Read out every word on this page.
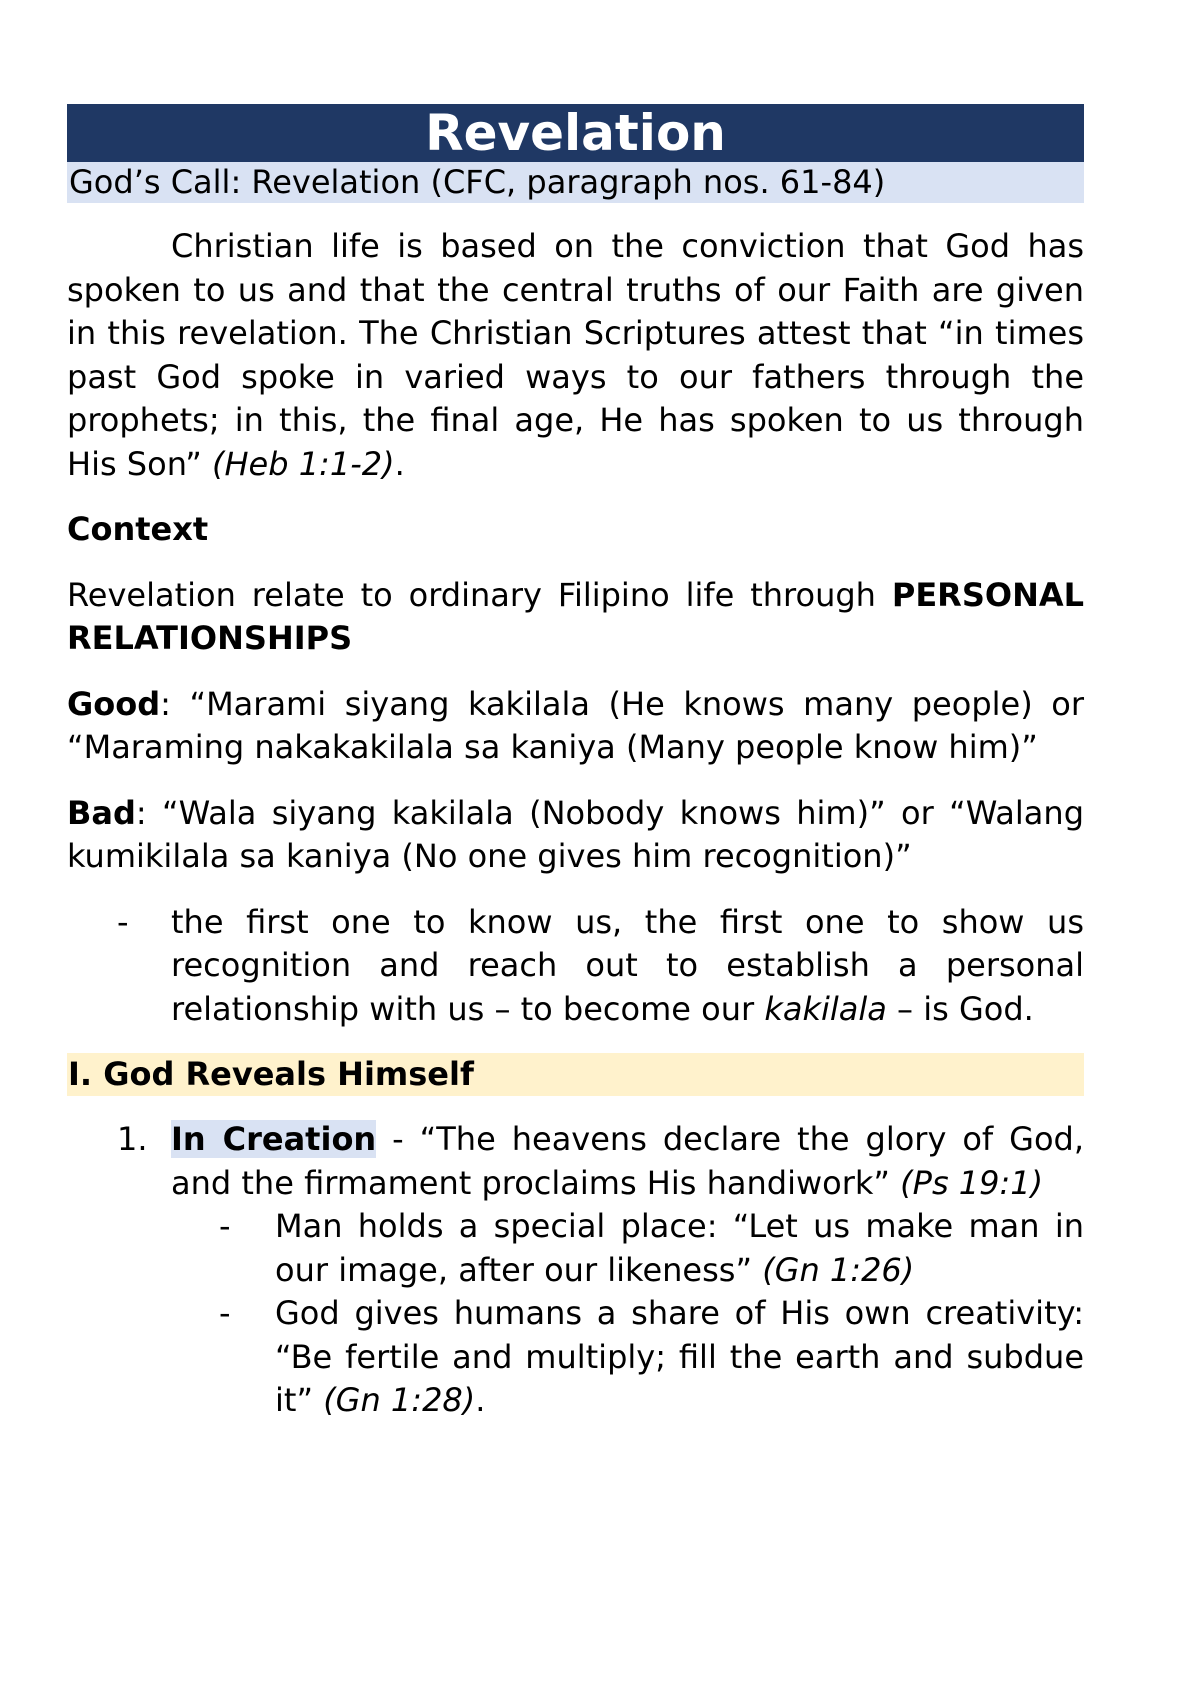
Revelation
God’s Call: Revelation (CFC, paragraph nos. 61-84)

Christian life is based on the conviction that God has spoken to us and that the central truths of our Faith are given in this revelation. The Christian Scriptures attest that “in times past God spoke in varied ways to our fathers through the prophets; in this, the final age, He has spoken to us through His Son” (Heb 1:1-2).

Context

Revelation relate to ordinary Filipino life through PERSONAL RELATIONSHIPS

Good: “Marami siyang kakilala (He knows many people) or “Maraming nakakakilala sa kaniya (Many people know him)”

Bad: “Wala siyang kakilala (Nobody knows him)” or “Walang kumikilala sa kaniya (No one gives him recognition)”

-	the first one to know us, the first one to show us recognition and reach out to establish a personal relationship with us – to become our kakilala – is God.
I. God Reveals Himself
1. In Creation - “The heavens declare the glory of God, and the firmament proclaims His handiwork” (Ps 19:1)
-	Man holds a special place: “Let us make man in our image, after our likeness” (Gn 1:26)
-	God gives humans a share of His own creativity: “Be fertile and multiply; fill the earth and subdue it” (Gn 1:28).
